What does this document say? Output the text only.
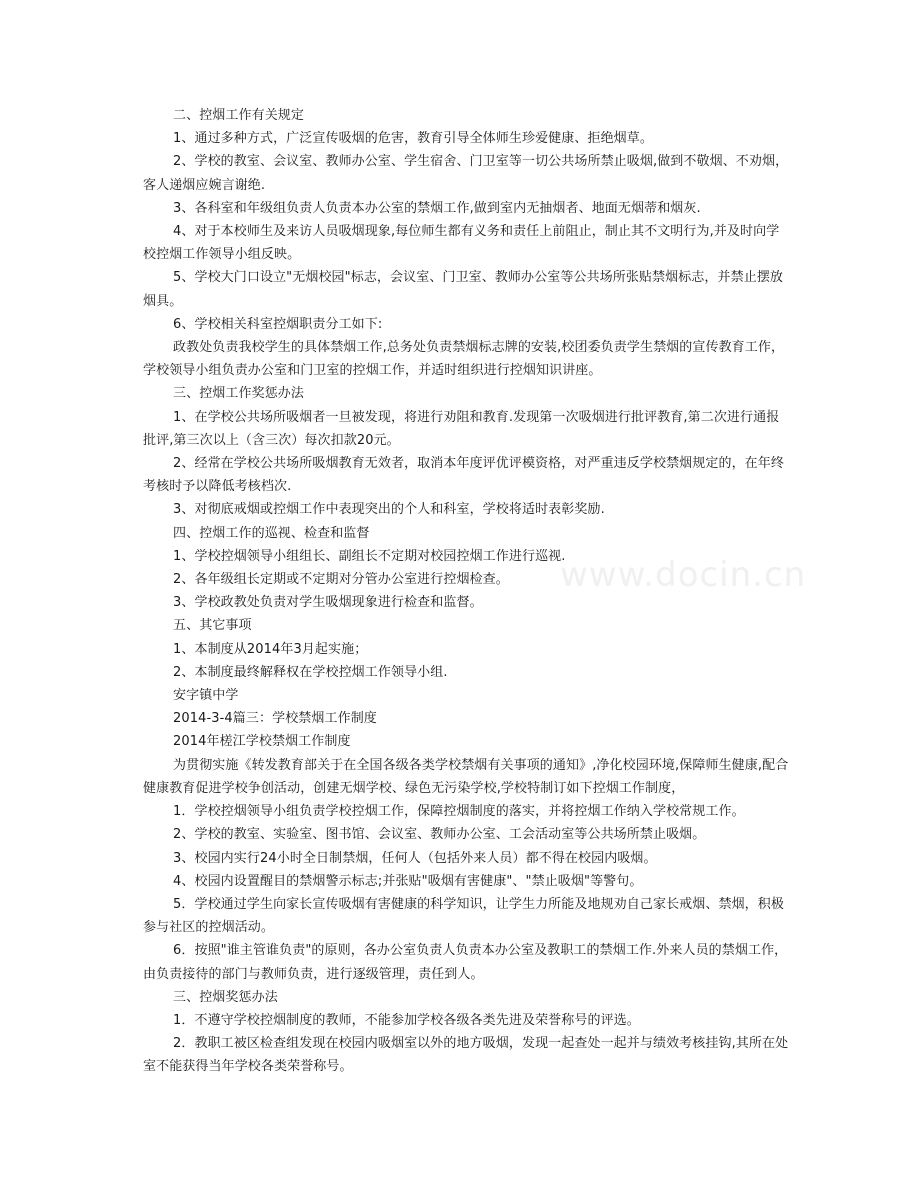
www.docin.cn

二、控烟工作有关规定

1、通过多种方式，广泛宣传吸烟的危害，教育引导全体师生珍爱健康、拒绝烟草。

2、学校的教室、会议室、教师办公室、学生宿舍、门卫室等一切公共场所禁止吸烟,做到不敬烟、不劝烟，客人递烟应婉言谢绝.

3、各科室和年级组负责人负责本办公室的禁烟工作,做到室内无抽烟者、地面无烟蒂和烟灰.

4、对于本校师生及来访人员吸烟现象,每位师生都有义务和责任上前阻止，制止其不文明行为,并及时向学校控烟工作领导小组反映。

5、学校大门口设立"无烟校园"标志，会议室、门卫室、教师办公室等公共场所张贴禁烟标志，并禁止摆放烟具。

6、学校相关科室控烟职责分工如下:

政教处负责我校学生的具体禁烟工作,总务处负责禁烟标志牌的安装,校团委负责学生禁烟的宣传教育工作，学校领导小组负责办公室和门卫室的控烟工作，并适时组织进行控烟知识讲座。

三、控烟工作奖惩办法

1、在学校公共场所吸烟者一旦被发现，将进行劝阻和教育.发现第一次吸烟进行批评教育,第二次进行通报批评,第三次以上（含三次）每次扣款20元。

2、经常在学校公共场所吸烟教育无效者，取消本年度评优评模资格，对严重违反学校禁烟规定的，在年终考核时予以降低考核档次.

3、对彻底戒烟或控烟工作中表现突出的个人和科室，学校将适时表彰奖励.

四、控烟工作的巡视、检查和监督

1、学校控烟领导小组组长、副组长不定期对校园控烟工作进行巡视.

2、各年级组长定期或不定期对分管办公室进行控烟检查。

3、学校政教处负责对学生吸烟现象进行检查和监督。

五、其它事项

1、本制度从2014年3月起实施；

2、本制度最终解释权在学校控烟工作领导小组.

安字镇中学

2014-3-4篇三：学校禁烟工作制度

2014年槎江学校禁烟工作制度

为贯彻实施《转发教育部关于在全国各级各类学校禁烟有关事项的通知》,净化校园环境,保障师生健康,配合健康教育促进学校争创活动，创建无烟学校、绿色无污染学校,学校特制订如下控烟工作制度，

1．学校控烟领导小组负责学校控烟工作，保障控烟制度的落实，并将控烟工作纳入学校常规工作。

2、学校的教室、实验室、图书馆、会议室、教师办公室、工会活动室等公共场所禁止吸烟。

3、校园内实行24小时全日制禁烟，任何人（包括外来人员）都不得在校园内吸烟。

4、校园内设置醒目的禁烟警示标志;并张贴"吸烟有害健康"、"禁止吸烟"等警句。

5．学校通过学生向家长宣传吸烟有害健康的科学知识，让学生力所能及地规劝自己家长戒烟、禁烟，积极参与社区的控烟活动。

6．按照"谁主管谁负责"的原则，各办公室负责人负责本办公室及教职工的禁烟工作.外来人员的禁烟工作，由负责接待的部门与教师负责，进行逐级管理，责任到人。

三、控烟奖惩办法

1．不遵守学校控烟制度的教师，不能参加学校各级各类先进及荣誉称号的评选。

2．教职工被区检查组发现在校园内吸烟室以外的地方吸烟，发现一起查处一起并与绩效考核挂钩,其所在处室不能获得当年学校各类荣誉称号。
